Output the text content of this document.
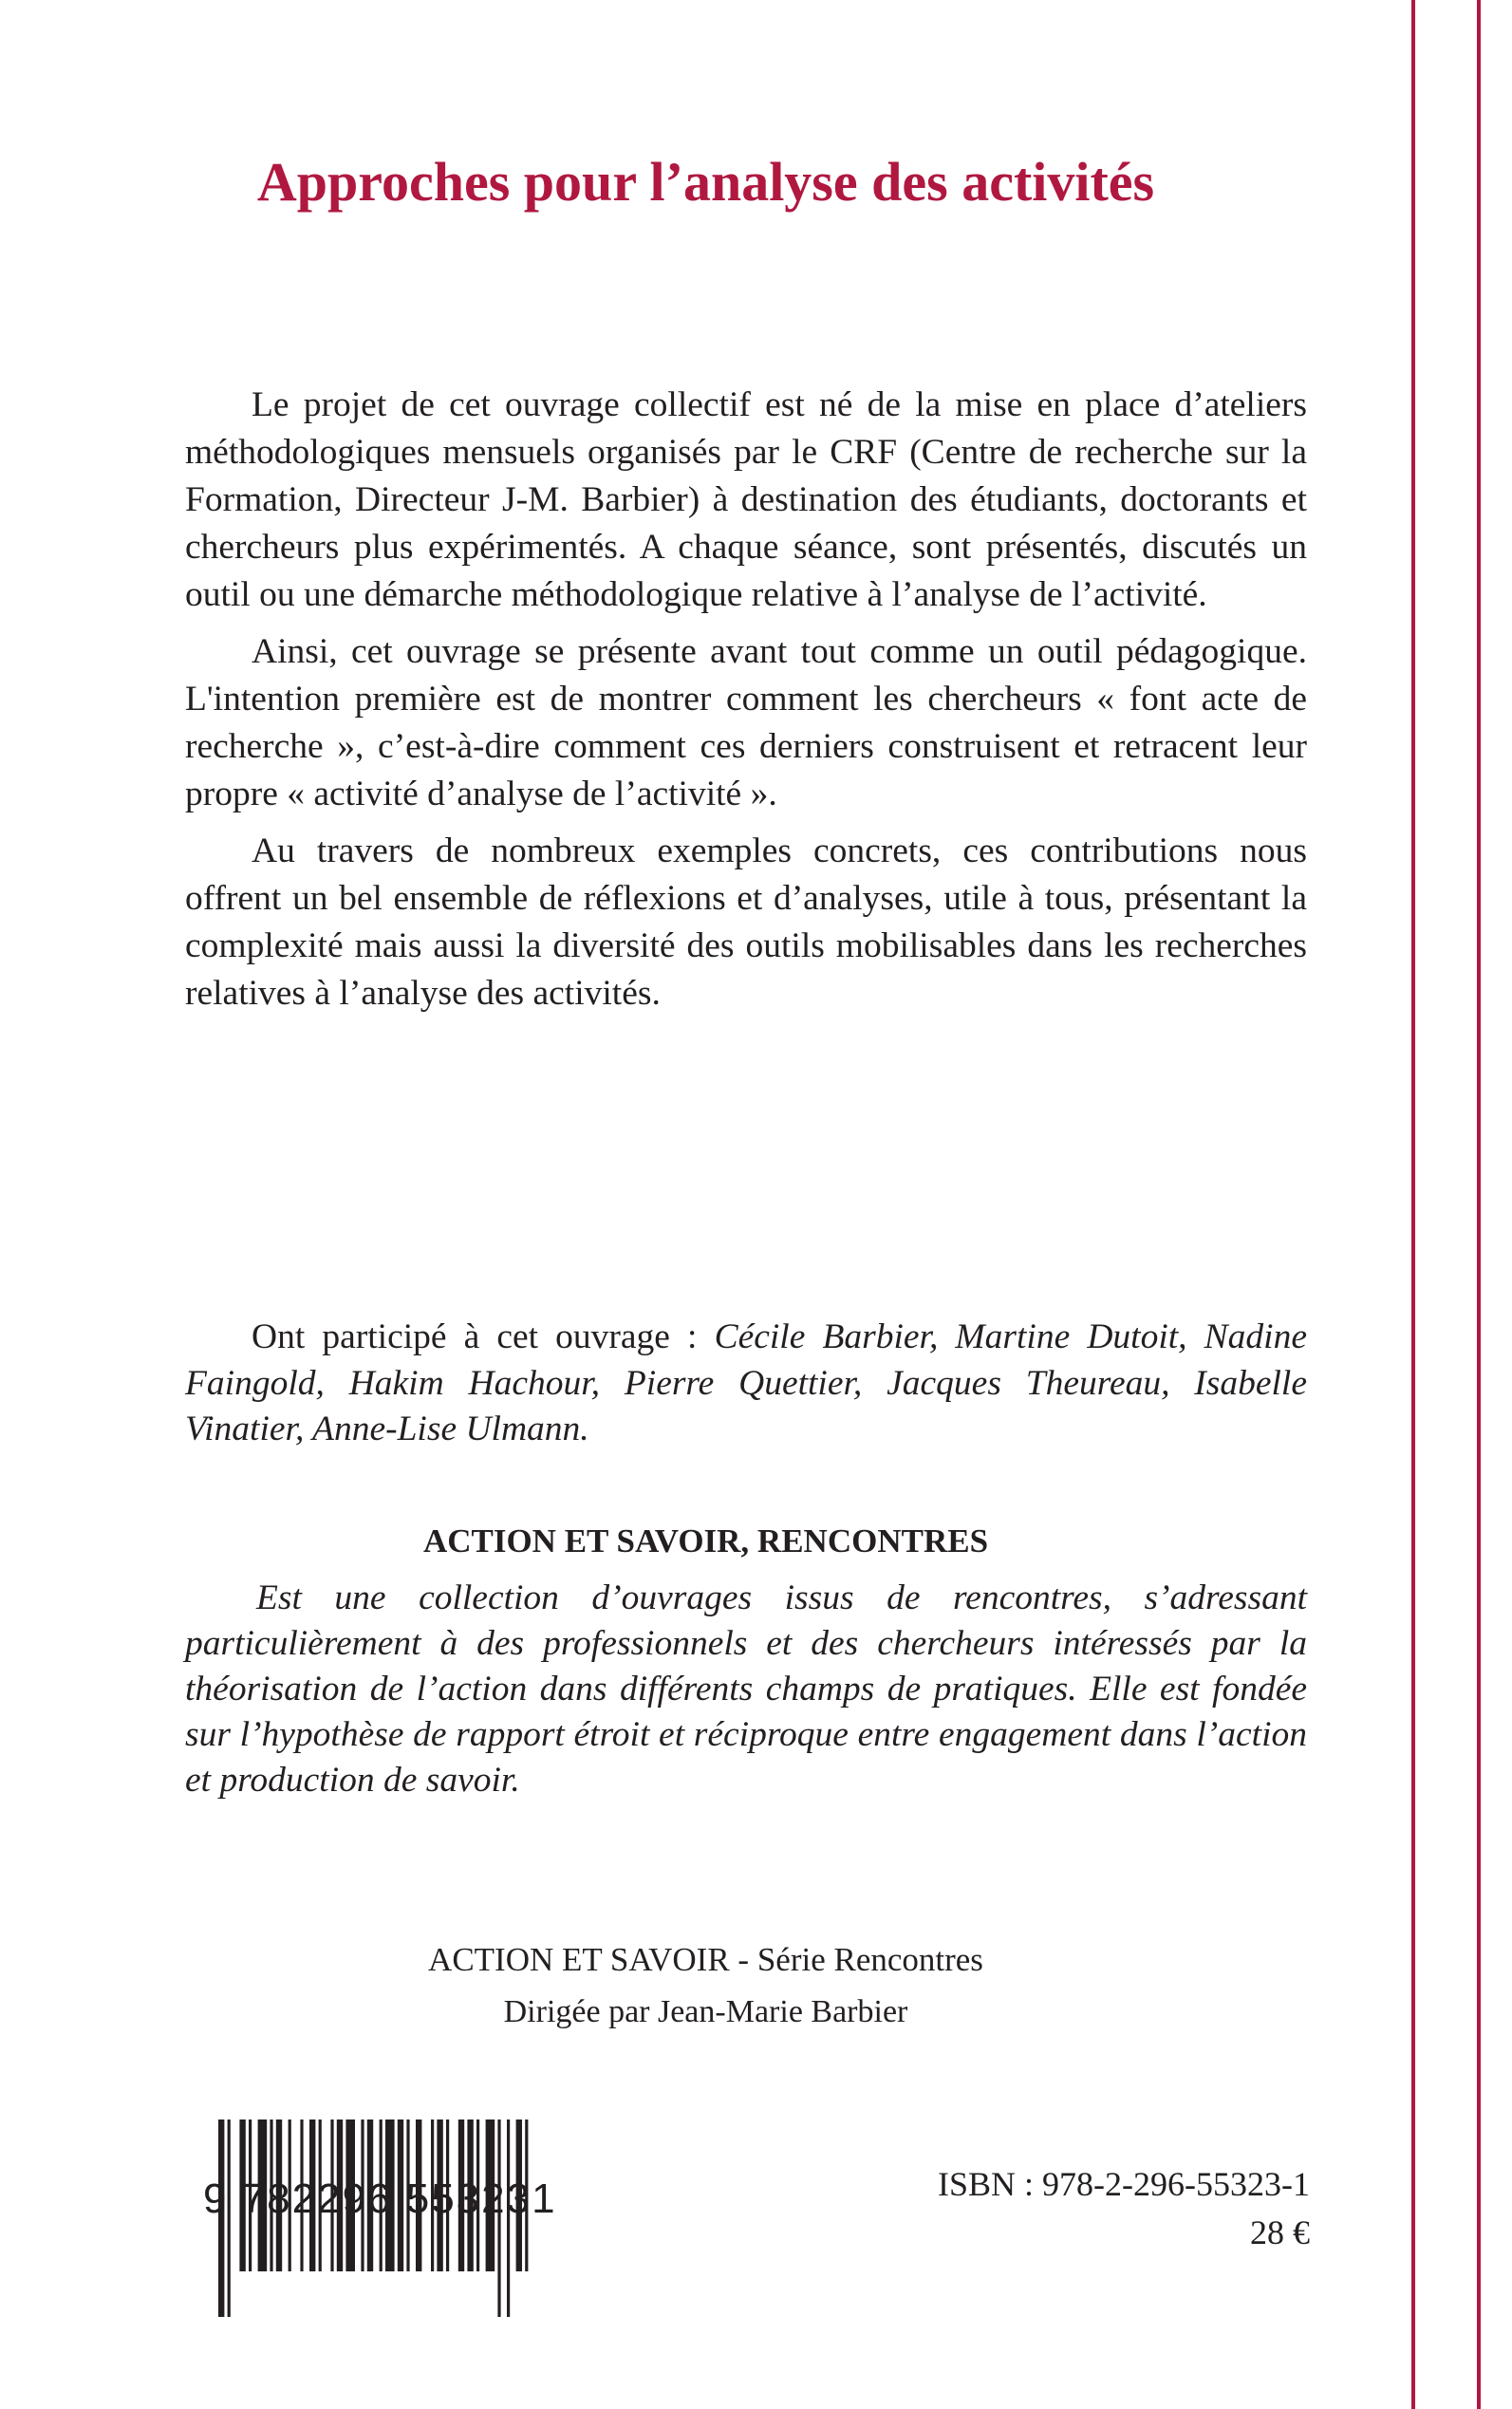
Approches pour l’analyse des activités

Le projet de cet ouvrage collectif est né de la mise en place d’ateliers méthodologiques mensuels organisés par le CRF (Centre de recherche sur la Formation, Directeur J-M. Barbier) à destination des étudiants, doctorants et chercheurs plus expérimentés. A chaque séance, sont présentés, discutés un outil ou une démarche méthodologique relative à l’analyse de l’activité.

Ainsi, cet ouvrage se présente avant tout comme un outil pédagogique. L'intention première est de montrer comment les chercheurs « font acte de recherche », c’est-à-dire comment ces derniers construisent et retracent leur propre « activité d’analyse de l’activité ».

Au travers de nombreux exemples concrets, ces contributions nous offrent un bel ensemble de réflexions et d’analyses, utile à tous, présentant la complexité mais aussi la diversité des outils mobilisables dans les recherches relatives à l’analyse des activités.

Ont participé à cet ouvrage : Cécile Barbier, Martine Dutoit, Nadine Faingold, Hakim Hachour, Pierre Quettier, Jacques Theureau, Isabelle Vinatier, Anne-Lise Ulmann.

ACTION ET SAVOIR, RENCONTRES

Est une collection d’ouvrages issus de rencontres, s’adressant particulièrement à des professionnels et des chercheurs intéressés par la théorisation de l’action dans différents champs de pratiques. Elle est fondée sur l’hypothèse de rapport étroit et réciproque entre engagement dans l’action et production de savoir.

ACTION ET SAVOIR - Série Rencontres
Dirigée par Jean-Marie Barbier
9 782296 553231	ISBN : 978-2-296-55323-1
28 €
